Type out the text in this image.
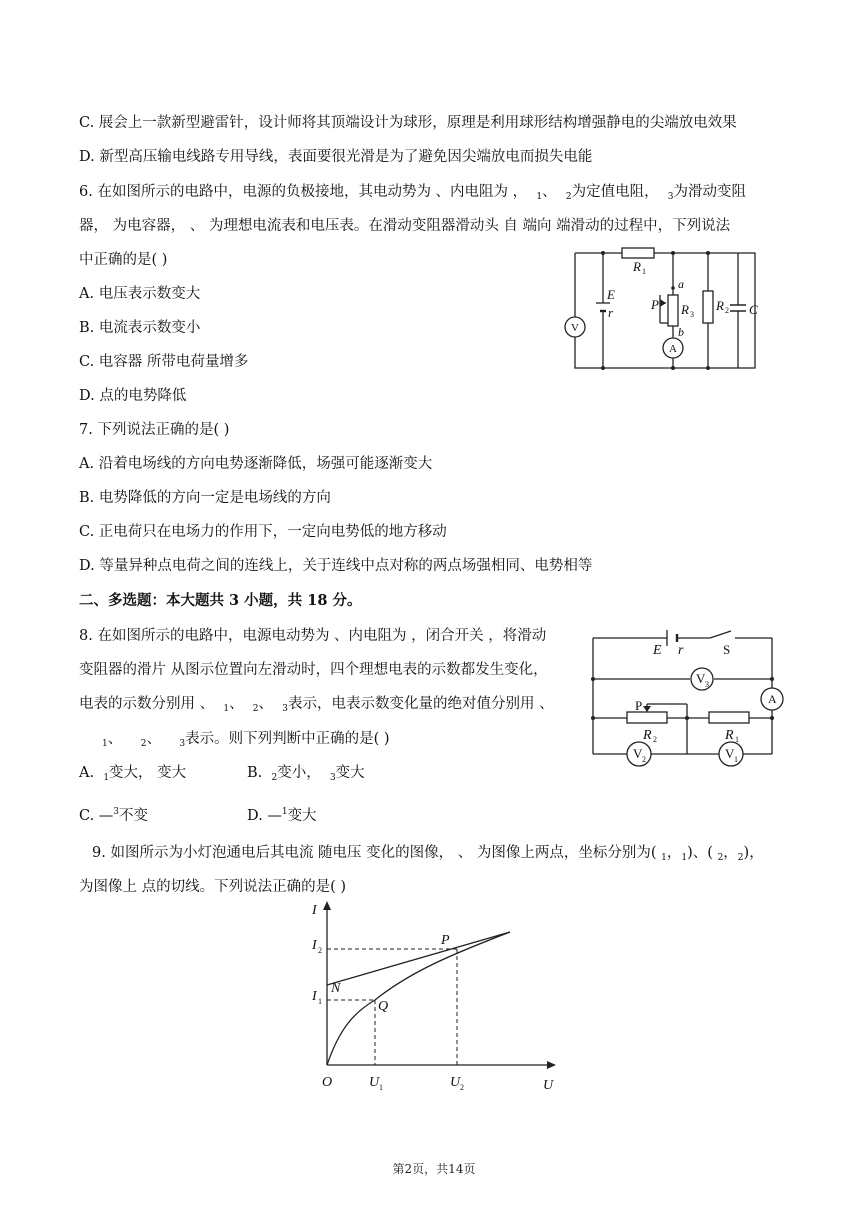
C. 展会上一款新型避雷针，设计师将其顶端设计为球形，原理是利用球形结构增强静电的尖端放电效果
D. 新型高压输电线路专用导线，表面要很光滑是为了避免因尖端放电而损失电能
6. 在如图所示的电路中，电源的负极接地，其电动势为 、内电阻为 ， $_1$、  $_2$为定值电阻， $_3$为滑动变阻
器， 为电容器， 、 为理想电流表和电压表。在滑动变阻器滑动头 自 端向 端滑动的过程中，下列说法
中正确的是( )
A. 电压表示数变大
B. 电流表示数变小
C. 电容器 所带电荷量增多
D. 点的电势降低
7. 下列说法正确的是( )
A. 沿着电场线的方向电势逐渐降低，场强可能逐渐变大
B. 电势降低的方向一定是电场线的方向
C. 正电荷只在电场力的作用下，一定向电势低的地方移动
D. 等量异种点电荷之间的连线上，关于连线中点对称的两点场强相同、电势相等
二、多选题：本大题共 3 小题，共 18 分。
8. 在如图所示的电路中，电源电动势为 、内电阻为 ，闭合开关 ，将滑动
变阻器的滑片 从图示位置向左滑动时，四个理想电表的示数都发生变化，
电表的示数分别用 、 $_1$、 $_2$、 $_3$表示，电表示数变化量的绝对值分别用 、
$_1$、 $_2$、 $_3$表示。则下列判断中正确的是( )
A.  $_1$变大， 变大	B.  $_2$变小， $_3$变大
C. —$^3$不变	D. —$^1$变大
9. 如图所示为小灯泡通电后其电流 随电压 变化的图像， 、 为图像上两点，坐标分别为( $_1$，$_1$)、( $_2$，$_2$)，
为图像上 点的切线。下列说法正确的是( )
R 1
E
r
a
b
P R 3
R 2 C
V
A
E r	S
P
V 3
A
V 2	V 1
R 2	R 1
I
U
O
I 2
I 1
N
P
Q
U 1	U 2
第2页，共14页
